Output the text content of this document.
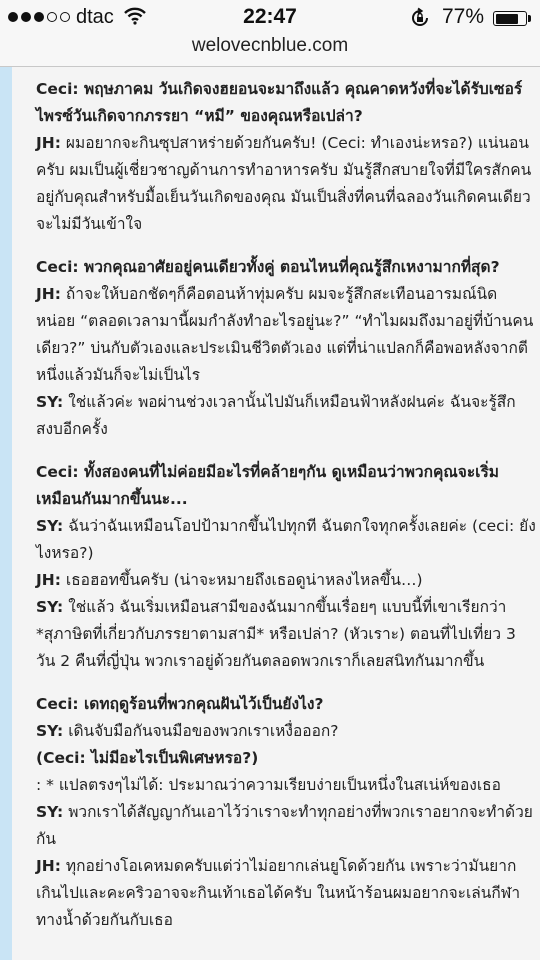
dtac	22:47	77%
welovecnblue.com

Ceci: พฤษภาคม วันเกิดจงฮยอนจะมาถึงแล้ว คุณคาดหวังที่จะได้รับเซอร์ไพรซ์วันเกิดจากภรรยา “หมี” ของคุณหรือเปล่า?

JH: ผมอยากจะกินซุปสาหร่ายด้วยกันครับ! (Ceci: ทำเองน่ะหรอ?) แน่นอนครับ ผมเป็นผู้เชี่ยวชาญด้านการทำอาหารครับ มันรู้สึกสบายใจที่มีใครสักคนอยู่กับคุณสำหรับมื้อเย็นวันเกิดของคุณ มันเป็นสิ่งที่คนที่ฉลองวันเกิดคนเดียวจะไม่มีวันเข้าใจ

Ceci: พวกคุณอาศัยอยู่คนเดียวทั้งคู่ ตอนไหนที่คุณรู้สึกเหงามากที่สุด?

JH: ถ้าจะให้บอกชัดๆก็คือตอนห้าทุ่มครับ ผมจะรู้สึกสะเทือนอารมณ์นิดหน่อย “ตลอดเวลามานี้ผมกำลังทำอะไรอยู่นะ?” “ทำไมผมถึงมาอยู่ที่บ้านคนเดียว?” บ่นกับตัวเองและประเมินชีวิตตัวเอง แต่ที่น่าแปลกก็คือพอหลังจากตีหนึ่งแล้วมันก็จะไม่เป็นไร

SY: ใช่แล้วค่ะ พอผ่านช่วงเวลานั้นไปมันก็เหมือนฟ้าหลังฝนค่ะ ฉันจะรู้สึกสงบอีกครั้ง

Ceci: ทั้งสองคนที่ไม่ค่อยมีอะไรที่คล้ายๆกัน ดูเหมือนว่าพวกคุณจะเริ่มเหมือนกันมากขึ้นนะ...

SY: ฉันว่าฉันเหมือนโอปป้ามากขึ้นไปทุกที ฉันตกใจทุกครั้งเลยค่ะ (ceci: ยังไงหรอ?)

JH: เธอฮอทขึ้นครับ (น่าจะหมายถึงเธอดูน่าหลงไหลขึ้น…)

SY: ใช่แล้ว ฉันเริ่มเหมือนสามีของฉันมากขึ้นเรื่อยๆ แบบนี้ที่เขาเรียกว่า *สุภาษิตที่เกี่ยวกับภรรยาตามสามี* หรือเปล่า? (หัวเราะ) ตอนที่ไปเที่ยว 3 วัน 2 คืนที่ญี่ปุ่น พวกเราอยู่ด้วยกันตลอดพวกเราก็เลยสนิทกันมากขึ้น

Ceci: เดทฤดูร้อนที่พวกคุณฝันไว้เป็นยังไง?

SY: เดินจับมือกันจนมือของพวกเราเหงื่อออก?

(Ceci: ไม่มีอะไรเป็นพิเศษหรอ?)

: * แปลตรงๆไม่ได้: ประมาณว่าความเรียบง่ายเป็นหนึ่งในสเน่ห์ของเธอ

SY: พวกเราได้สัญญากันเอาไว้ว่าเราจะทำทุกอย่างที่พวกเราอยากจะทำด้วยกัน

JH: ทุกอย่างโอเคหมดครับแต่ว่าไม่อยากเล่นยูโดด้วยกัน เพราะว่ามันยากเกินไปและคะคริวอาจจะกินเท้าเธอได้ครับ ในหน้าร้อนผมอยากจะเล่นกีฬาทางน้ำด้วยกันกับเธอ
